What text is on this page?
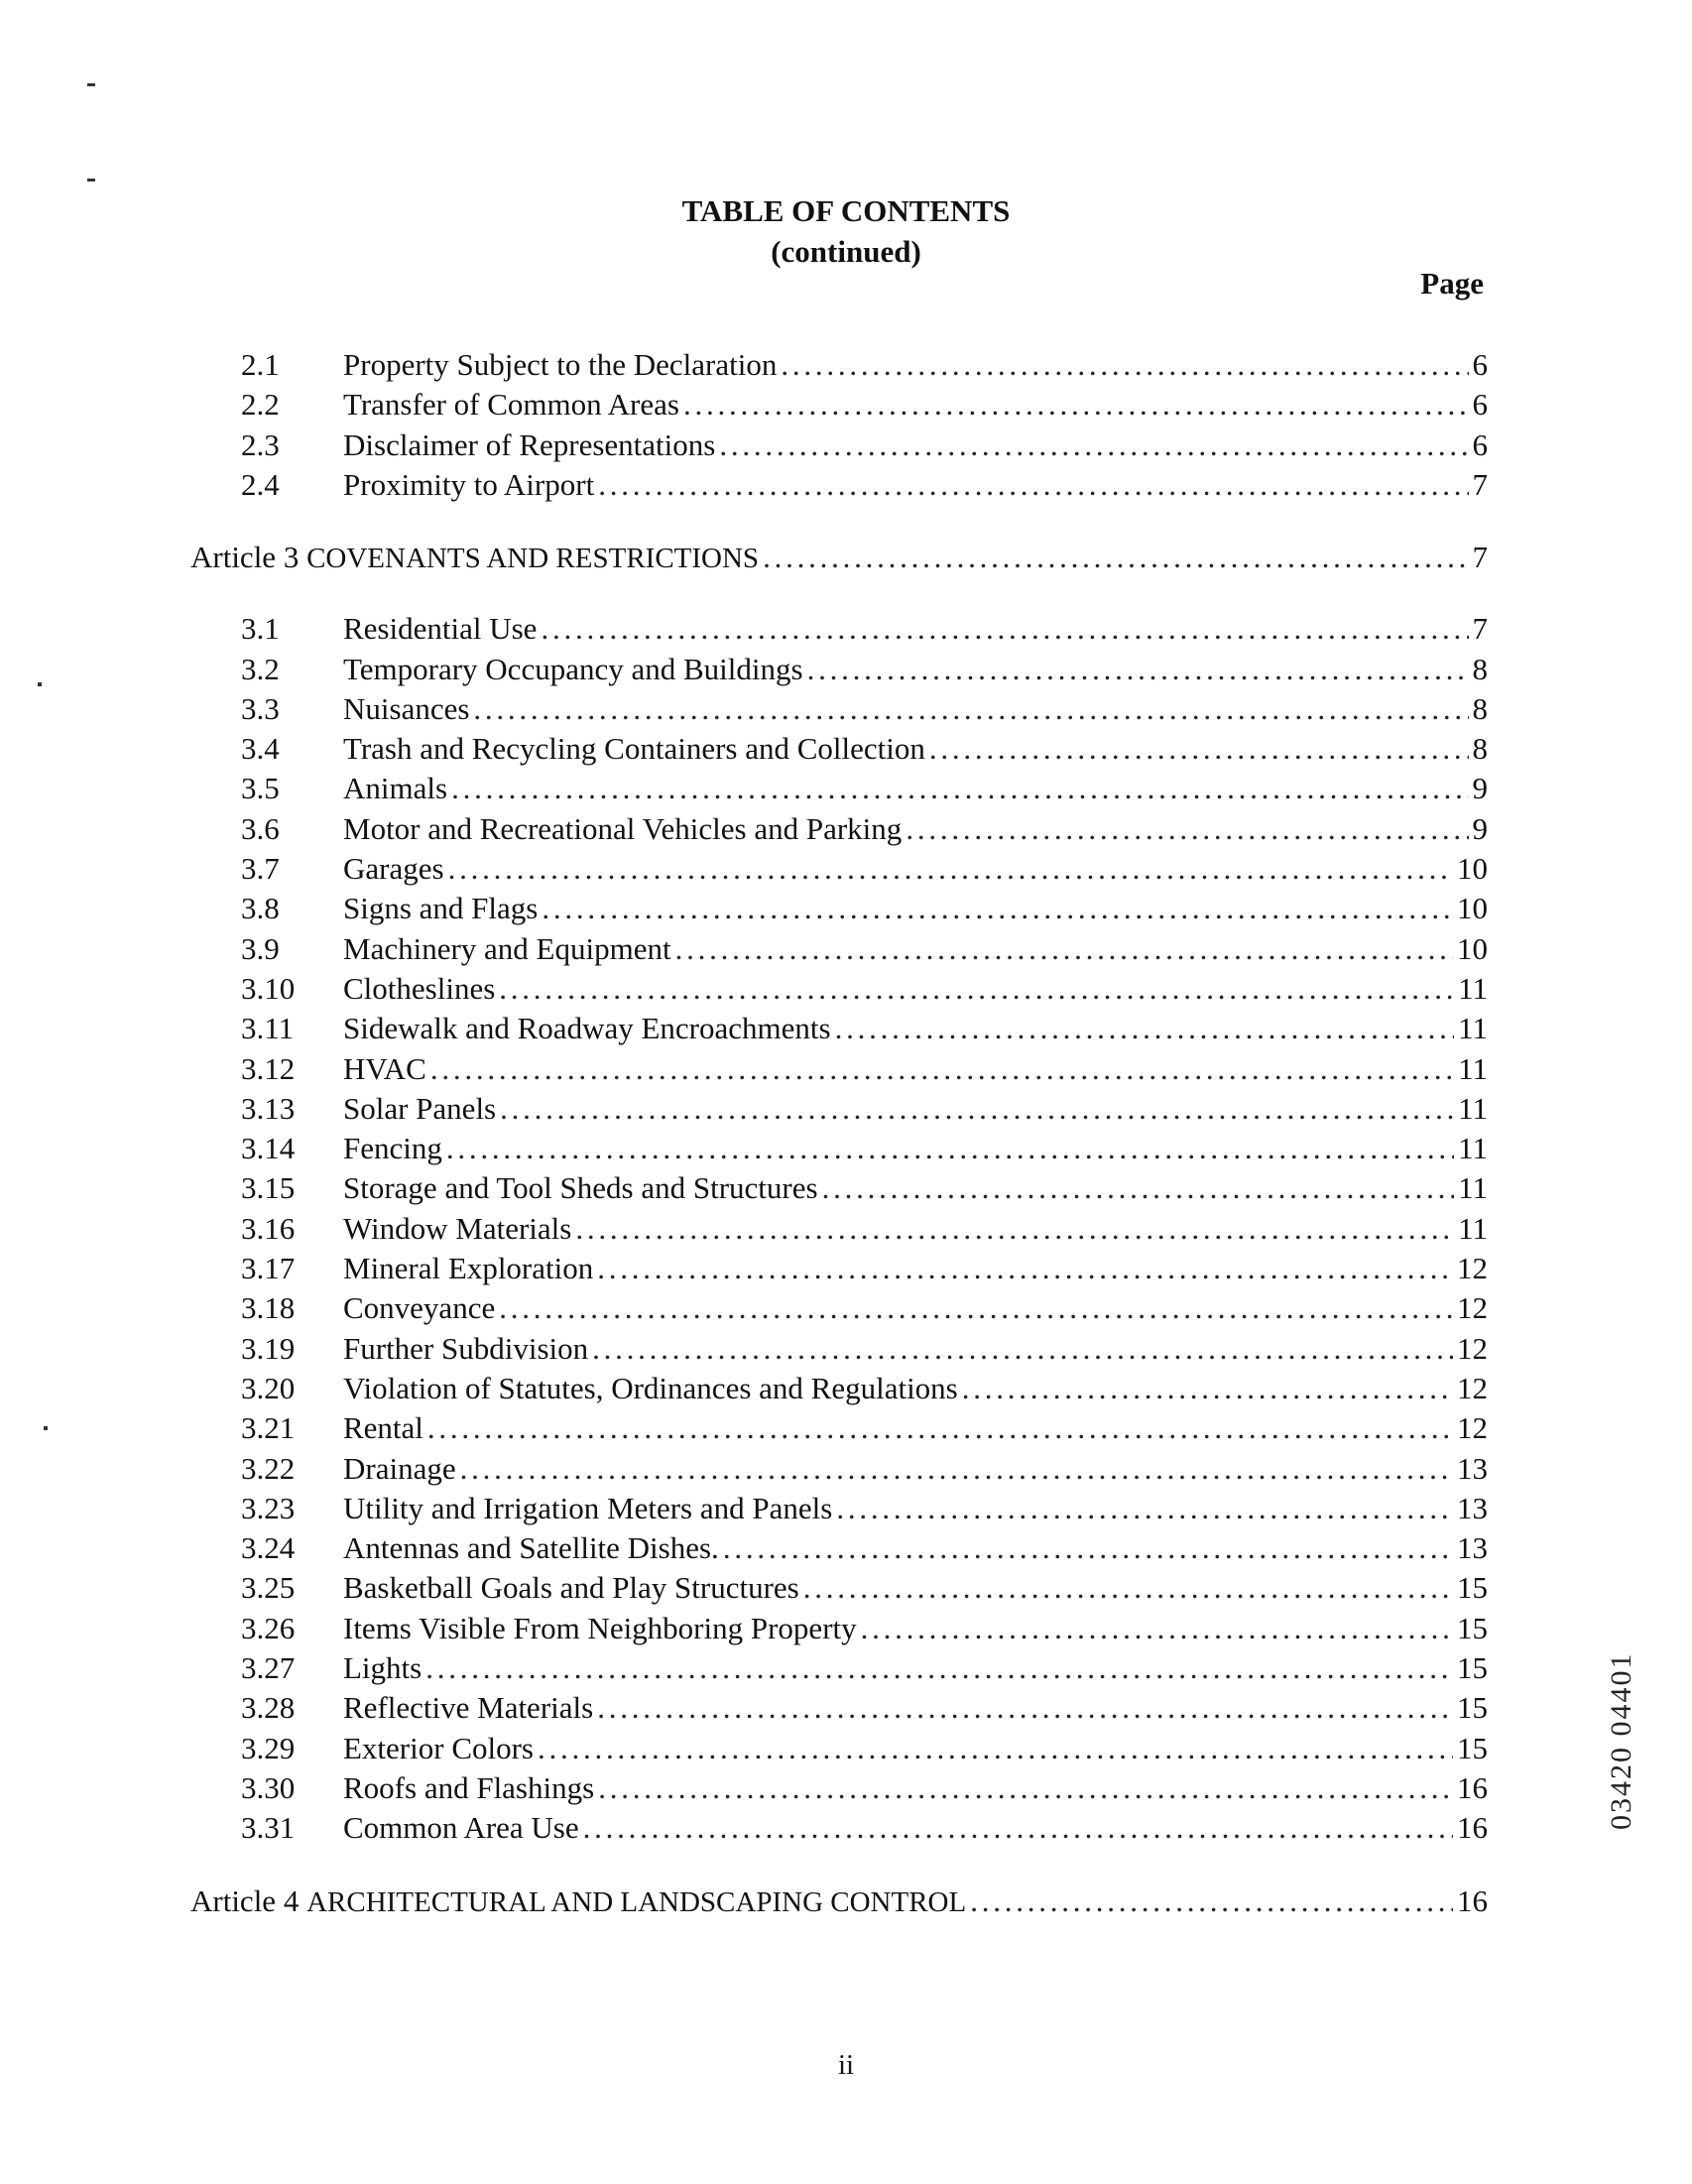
TABLE OF CONTENTS
(continued)
Page
2.1	Property Subject to the Declaration . . .	6
2.2	Transfer of Common Areas . . .	6
2.3	Disclaimer of Representations . . .	6
2.4	Proximity to Airport . . .	7
Article 3 COVENANTS AND RESTRICTIONS . . .	7
3.1	Residential Use . . .	7
3.2	Temporary Occupancy and Buildings . . .	8
3.3	Nuisances . . .	8
3.4	Trash and Recycling Containers and Collection . . .	8
3.5	Animals . . .	9
3.6	Motor and Recreational Vehicles and Parking . . .	9
3.7	Garages . . .	10
3.8	Signs and Flags . . .	10
3.9	Machinery and Equipment . . .	10
3.10	Clotheslines . . .	11
3.11	Sidewalk and Roadway Encroachments . . .	11
3.12	HVAC . . .	11
3.13	Solar Panels . . .	11
3.14	Fencing . . .	11
3.15	Storage and Tool Sheds and Structures . . .	11
3.16	Window Materials . . .	11
3.17	Mineral Exploration . . .	12
3.18	Conveyance . . .	12
3.19	Further Subdivision . . .	12
3.20	Violation of Statutes, Ordinances and Regulations . . .	12
3.21	Rental . . .	12
3.22	Drainage . . .	13
3.23	Utility and Irrigation Meters and Panels . . .	13
3.24	Antennas and Satellite Dishes. . . .	13
3.25	Basketball Goals and Play Structures . . .	15
3.26	Items Visible From Neighboring Property . . .	15
3.27	Lights . . .	15
3.28	Reflective Materials . . .	15
3.29	Exterior Colors . . .	15
3.30	Roofs and Flashings . . .	16
3.31	Common Area Use . . .	16
Article 4 ARCHITECTURAL AND LANDSCAPING CONTROL . . .	16
ii
03420 04401
